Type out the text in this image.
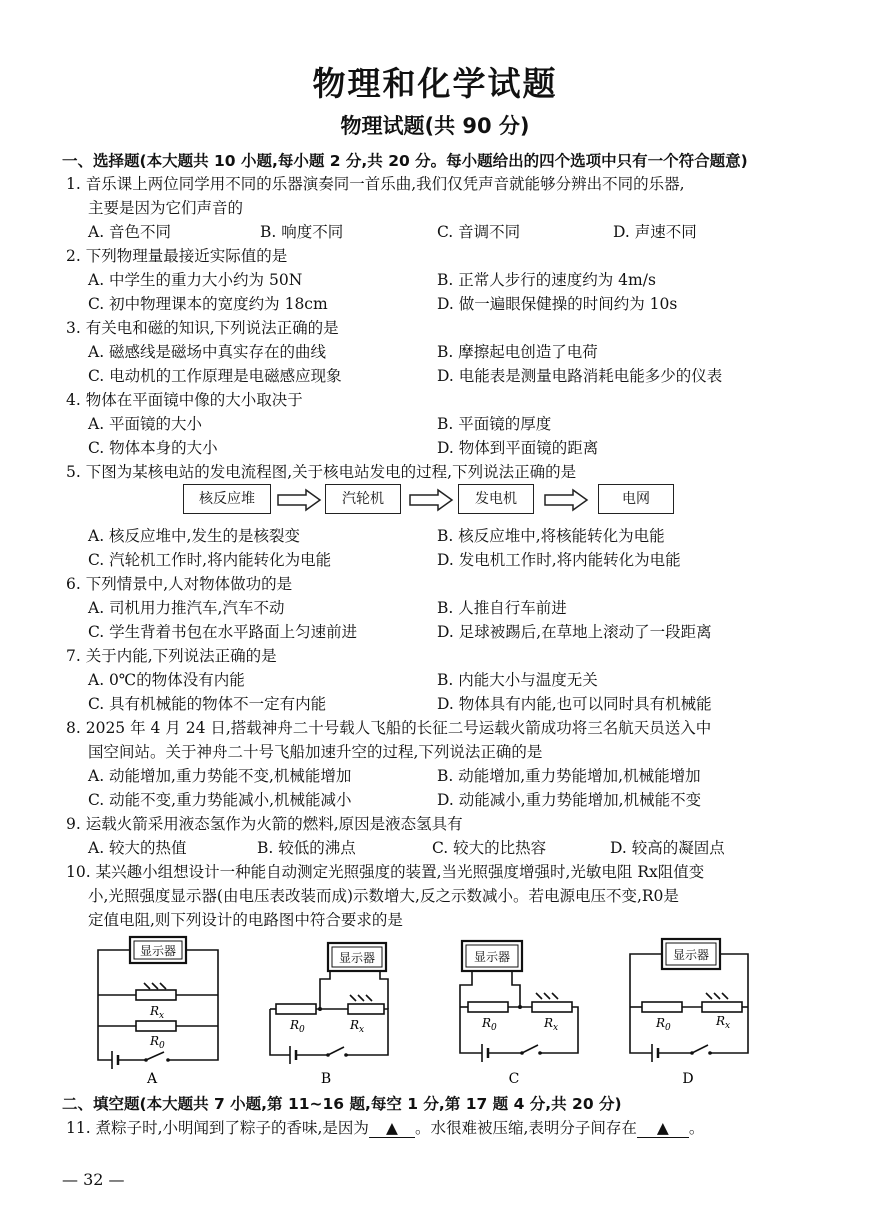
物理和化学试题
物理试题(共 90 分)
一、选择题(本大题共 10 小题,每小题 2 分,共 20 分。每小题给出的四个选项中只有一个符合题意)
1. 音乐课上两位同学用不同的乐器演奏同一首乐曲,我们仅凭声音就能够分辨出不同的乐器,
主要是因为它们声音的
A. 音色不同	B. 响度不同	C. 音调不同	D. 声速不同
2. 下列物理量最接近实际值的是
A. 中学生的重力大小约为 50N	B. 正常人步行的速度约为 4m/s
C. 初中物理课本的宽度约为 18cm	D. 做一遍眼保健操的时间约为 10s
3. 有关电和磁的知识,下列说法正确的是
A. 磁感线是磁场中真实存在的曲线	B. 摩擦起电创造了电荷
C. 电动机的工作原理是电磁感应现象	D. 电能表是测量电路消耗电能多少的仪表
4. 物体在平面镜中像的大小取决于
A. 平面镜的大小	B. 平面镜的厚度
C. 物体本身的大小	D. 物体到平面镜的距离
5. 下图为某核电站的发电流程图,关于核电站发电的过程,下列说法正确的是
核反应堆	汽轮机	发电机	电网
A. 核反应堆中,发生的是核裂变	B. 核反应堆中,将核能转化为电能
C. 汽轮机工作时,将内能转化为电能	D. 发电机工作时,将内能转化为电能
6. 下列情景中,人对物体做功的是
A. 司机用力推汽车,汽车不动	B. 人推自行车前进
C. 学生背着书包在水平路面上匀速前进	D. 足球被踢后,在草地上滚动了一段距离
7. 关于内能,下列说法正确的是
A. 0℃的物体没有内能	B. 内能大小与温度无关
C. 具有机械能的物体不一定有内能	D. 物体具有内能,也可以同时具有机械能
8. 2025 年 4 月 24 日,搭载神舟二十号载人飞船的长征二号运载火箭成功将三名航天员送入中
国空间站。关于神舟二十号飞船加速升空的过程,下列说法正确的是
A. 动能增加,重力势能不变,机械能增加	B. 动能增加,重力势能增加,机械能增加
C. 动能不变,重力势能减小,机械能减小	D. 动能减小,重力势能增加,机械能不变
9. 运载火箭采用液态氢作为火箭的燃料,原因是液态氢具有
A. 较大的热值	B. 较低的沸点	C. 较大的比热容	D. 较高的凝固点
10. 某兴趣小组想设计一种能自动测定光照强度的装置,当光照强度增强时,光敏电阻 Rx阻值变
小,光照强度显示器(由电压表改装而成)示数增大,反之示数减小。若电源电压不变,R0是
定值电阻,则下列设计的电路图中符合要求的是
显示器
$R_x$
$R_0$
A
显示器
$R_0$	$R_x$
B
显示器
$R_0$	$R_x$
C
显示器
$R_0$	$R_x$
D
二、填空题(本大题共 7 小题,第 11~16 题,每空 1 分,第 17 题 4 分,共 20 分)
11. 煮粽子时,小明闻到了粽子的香味,是因为 ▲ 。水很难被压缩,表明分子间存在 ▲ 。
— 32 —
